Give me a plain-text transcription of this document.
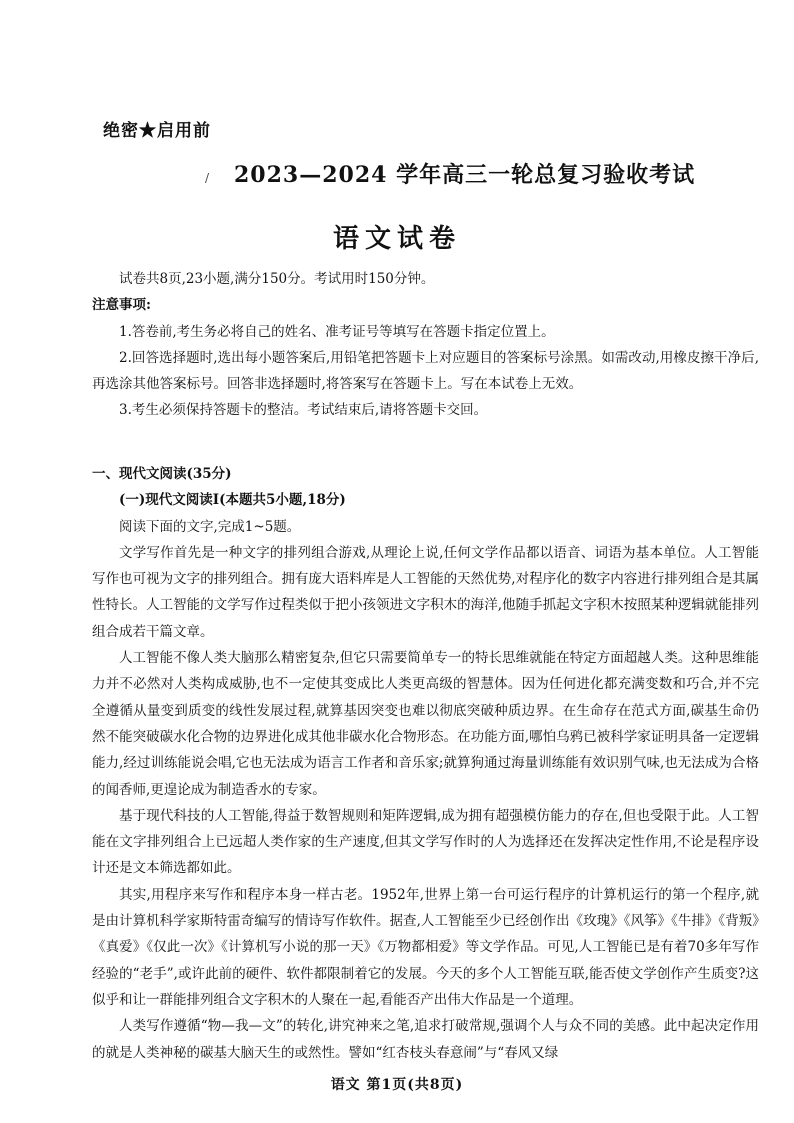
绝密★启用前
/ 2023—2024 学年高三一轮总复习验收考试
语文试卷

试卷共8页,23小题,满分150分。考试用时150分钟。

注意事项:

1.答卷前,考生务必将自己的姓名、准考证号等填写在答题卡指定位置上。

2.回答选择题时,选出每小题答案后,用铅笔把答题卡上对应题目的答案标号涂黑。如需改动,用橡皮擦干净后,再选涂其他答案标号。回答非选择题时,将答案写在答题卡上。写在本试卷上无效。

3.考生必须保持答题卡的整洁。考试结束后,请将答题卡交回。

一、现代文阅读(35分)

(一)现代文阅读Ⅰ(本题共5小题,18分)

阅读下面的文字,完成1~5题。

文学写作首先是一种文字的排列组合游戏,从理论上说,任何文学作品都以语音、词语为基本单位。人工智能写作也可视为文字的排列组合。拥有庞大语料库是人工智能的天然优势,对程序化的数字内容进行排列组合是其属性特长。人工智能的文学写作过程类似于把小孩领进文字积木的海洋,他随手抓起文字积木按照某种逻辑就能排列组合成若干篇文章。

人工智能不像人类大脑那么精密复杂,但它只需要简单专一的特长思维就能在特定方面超越人类。这种思维能力并不必然对人类构成威胁,也不一定使其变成比人类更高级的智慧体。因为任何进化都充满变数和巧合,并不完全遵循从量变到质变的线性发展过程,就算基因突变也难以彻底突破种质边界。在生命存在范式方面,碳基生命仍然不能突破碳水化合物的边界进化成其他非碳水化合物形态。在功能方面,哪怕乌鸦已被科学家证明具备一定逻辑能力,经过训练能说会唱,它也无法成为语言工作者和音乐家;就算狗通过海量训练能有效识别气味,也无法成为合格的闻香师,更遑论成为制造香水的专家。

基于现代科技的人工智能,得益于数智规则和矩阵逻辑,成为拥有超强模仿能力的存在,但也受限于此。人工智能在文字排列组合上已远超人类作家的生产速度,但其文学写作时的人为选择还在发挥决定性作用,不论是程序设计还是文本筛选都如此。

其实,用程序来写作和程序本身一样古老。1952年,世界上第一台可运行程序的计算机运行的第一个程序,就是由计算机科学家斯特雷奇编写的情诗写作软件。据查,人工智能至少已经创作出《玫瑰》《风筝》《牛排》《背叛》《真爱》《仅此一次》《计算机写小说的那一天》《万物都相爱》等文学作品。可见,人工智能已是有着70多年写作经验的“老手”,或许此前的硬件、软件都限制着它的发展。今天的多个人工智能互联,能否使文学创作产生质变?这似乎和让一群能排列组合文字积木的人聚在一起,看能否产出伟大作品是一个道理。

人类写作遵循“物—我—文”的转化,讲究神来之笔,追求打破常规,强调个人与众不同的美感。此中起决定作用的就是人类神秘的碳基大脑天生的或然性。譬如“红杏枝头春意闹”与“春风又绿

语文 第1页(共8页)
